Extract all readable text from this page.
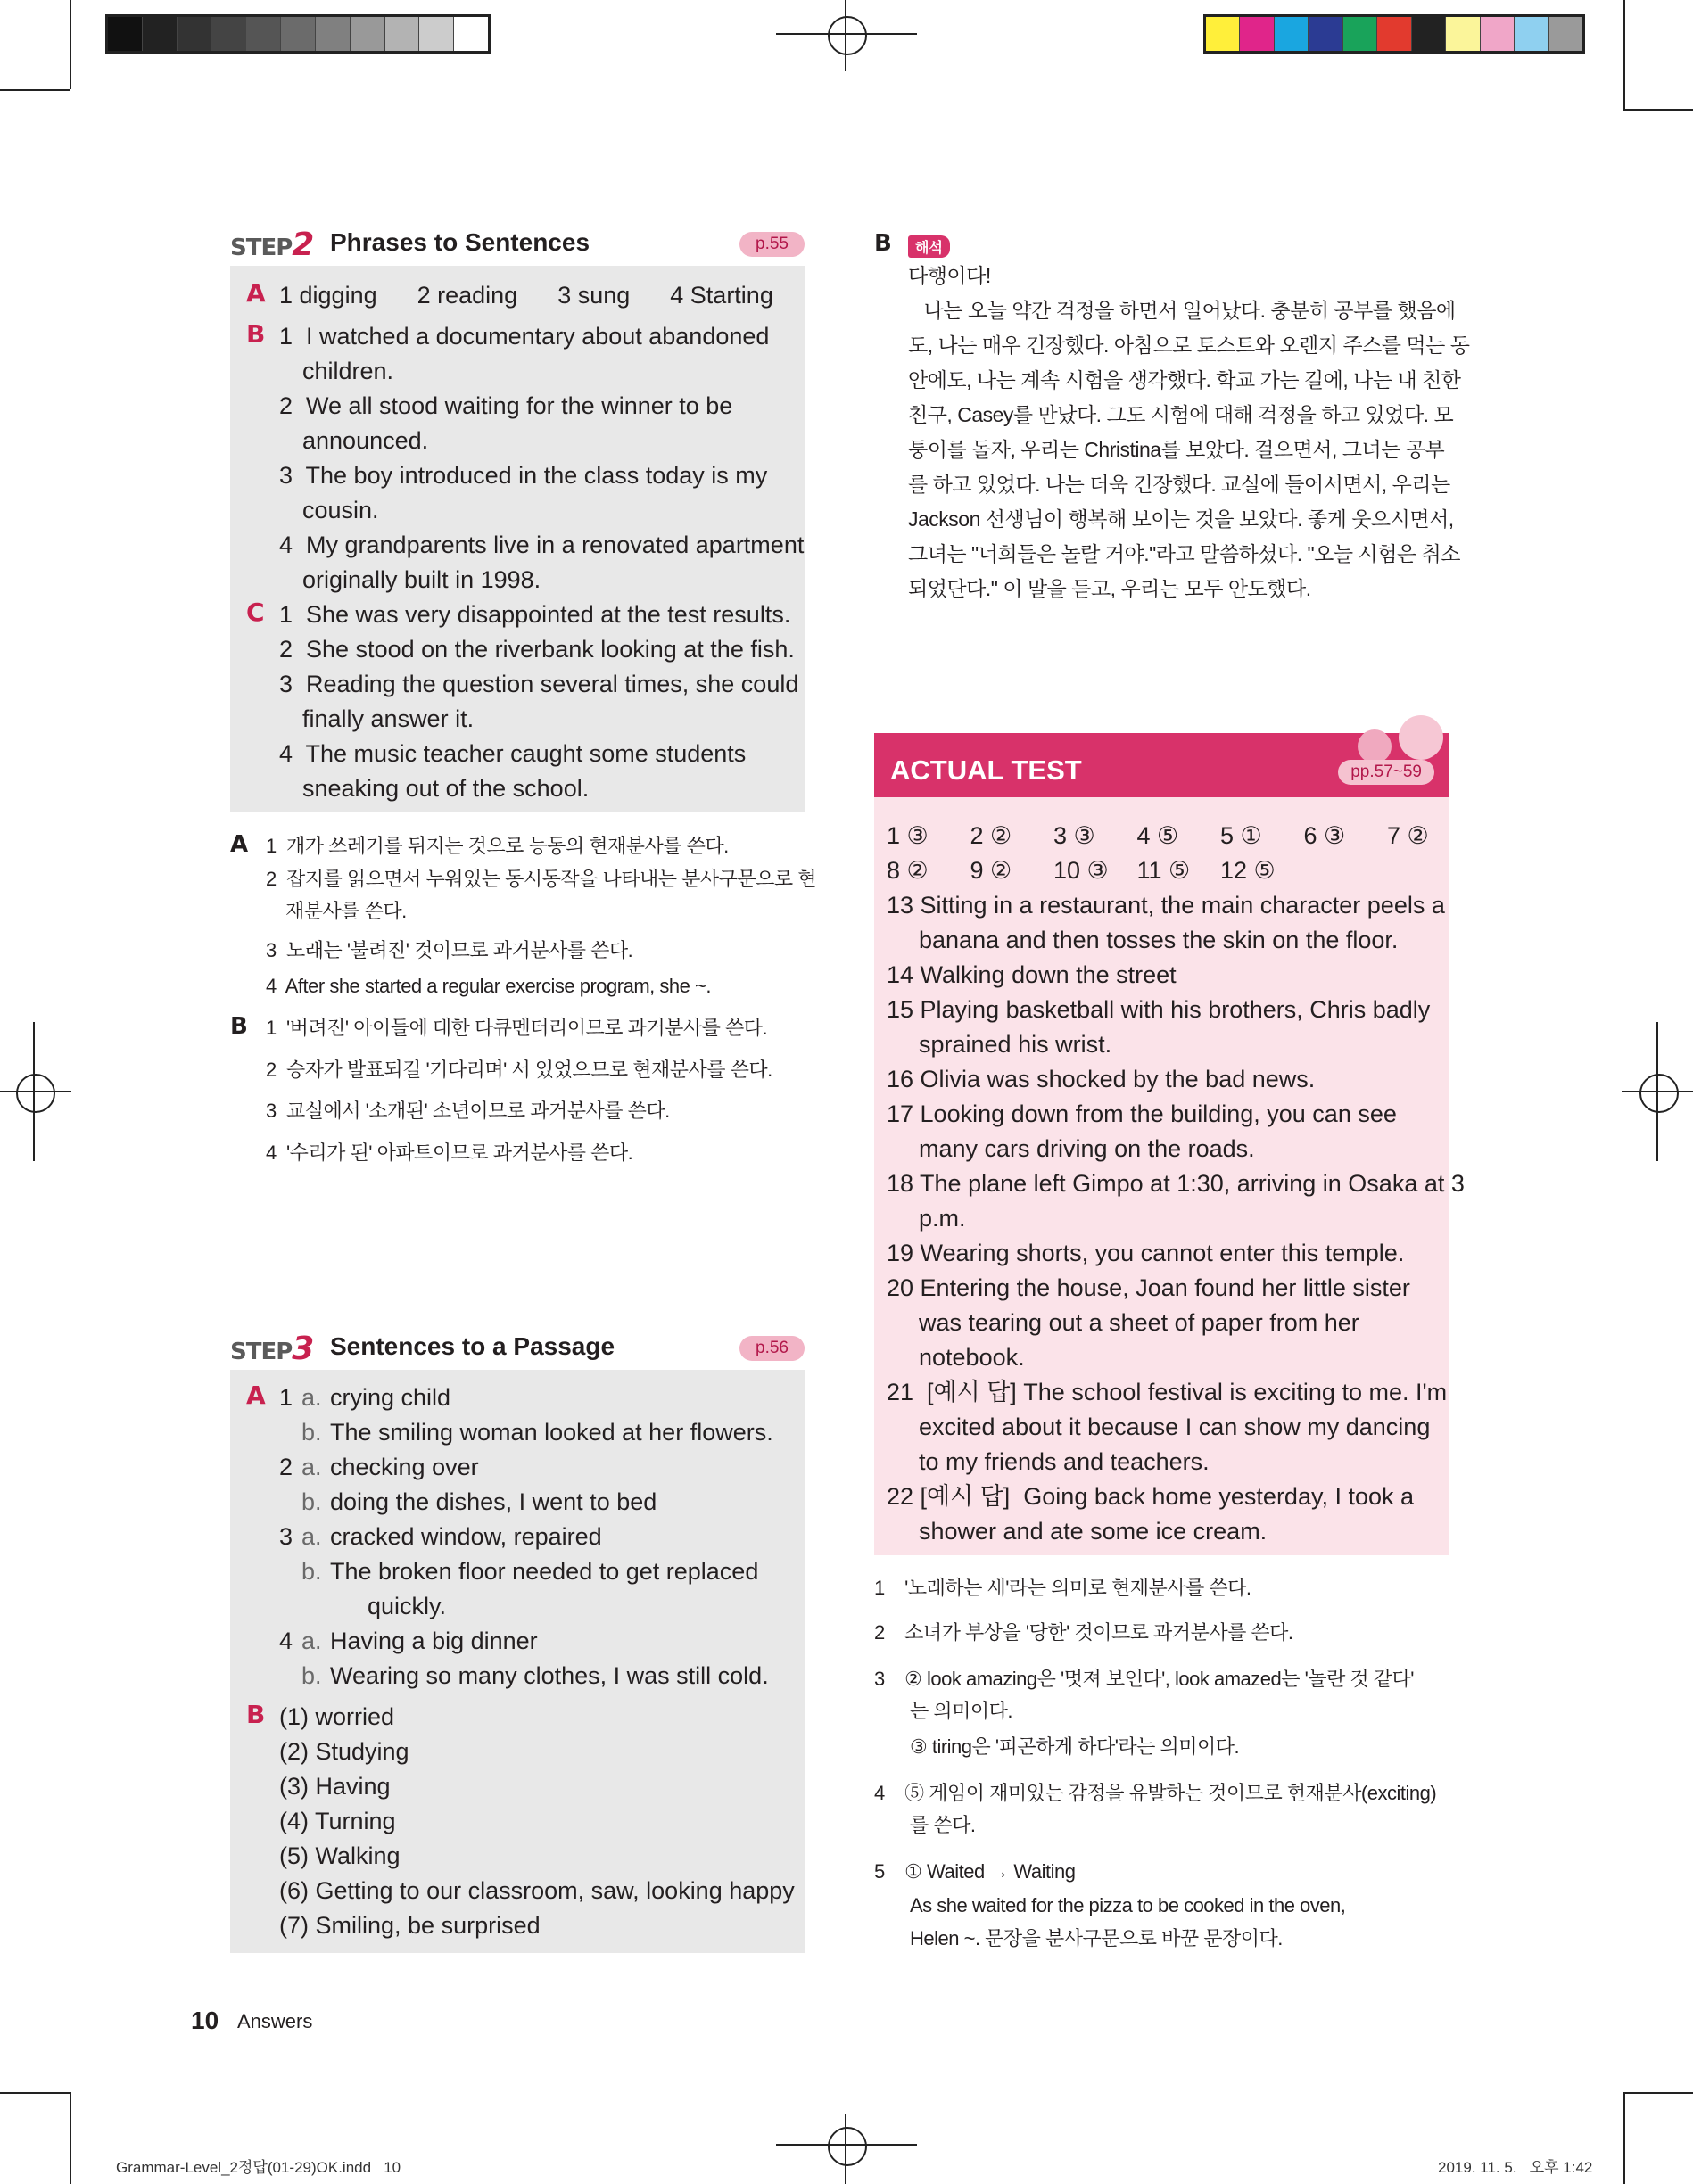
STEP2 Phrases to Sentences	p.55
A 1 digging      2 reading      3 sung      4 Starting
B 1  I watched a documentary about abandoned
children.
2  We all stood waiting for the winner to be
announced.
3  The boy introduced in the class today is my
cousin.
4  My grandparents live in a renovated apartment
originally built in 1998.
C 1  She was very disappointed at the test results.
2  She stood on the riverbank looking at the fish.
3  Reading the question several times, she could
finally answer it.
4  The music teacher caught some students
sneaking out of the school.
A 1  개가 쓰레기를 뒤지는 것으로 능동의 현재분사를 쓴다.
2  잡지를 읽으면서 누워있는 동시동작을 나타내는 분사구문으로 현
재분사를 쓴다.
3  노래는 '불려진' 것이므로 과거분사를 쓴다.
4  After she started a regular exercise program, she ~.
B 1  '버려진' 아이들에 대한 다큐멘터리이므로 과거분사를 쓴다.
2  승자가 발표되길 '기다리며' 서 있었으므로 현재분사를 쓴다.
3  교실에서 '소개된' 소년이므로 과거분사를 쓴다.
4  '수리가 된' 아파트이므로 과거분사를 쓴다.
STEP3 Sentences to a Passage	p.56
A 1 a. crying child
b. The smiling woman looked at her flowers.
2 a. checking over
b. doing the dishes, I went to bed
3 a. cracked window, repaired
b. The broken floor needed to get replaced
quickly.
4 a. Having a big dinner
b. Wearing so many clothes, I was still cold.
B (1) worried
(2) Studying
(3) Having
(4) Turning
(5) Walking
(6) Getting to our classroom, saw, looking happy
(7) Smiling, be surprised
10 Answers
Grammar-Level_2정답(01-29)OK.indd   10	2019. 11. 5.   오후 1:42
B	해석
다행이다!
나는 오늘 약간 걱정을 하면서 일어났다. 충분히 공부를 했음에
도, 나는 매우 긴장했다. 아침으로 토스트와 오렌지 주스를 먹는 동
안에도, 나는 계속 시험을 생각했다. 학교 가는 길에, 나는 내 친한
친구, Casey를 만났다. 그도 시험에 대해 걱정을 하고 있었다. 모
퉁이를 돌자, 우리는 Christina를 보았다. 걸으면서, 그녀는 공부
를 하고 있었다. 나는 더욱 긴장했다. 교실에 들어서면서, 우리는
Jackson 선생님이 행복해 보이는 것을 보았다. 좋게 웃으시면서,
그녀는 "너희들은 놀랄 거야."라고 말씀하셨다. "오늘 시험은 취소
되었단다." 이 말을 듣고, 우리는 모두 안도했다.
ACTUAL TEST	pp.57~59
1 ③ 2 ② 3 ③ 4 ⑤ 5 ① 6 ③ 7 ②
8 ② 9 ② 10 ③ 11 ⑤ 12 ⑤
13 Sitting in a restaurant, the main character peels a
banana and then tosses the skin on the floor.
14 Walking down the street
15 Playing basketball with his brothers, Chris badly
sprained his wrist.
16 Olivia was shocked by the bad news.
17 Looking down from the building, you can see
many cars driving on the roads.
18 The plane left Gimpo at 1:30, arriving in Osaka at 3
p.m.
19 Wearing shorts, you cannot enter this temple.
20 Entering the house, Joan found her little sister
was tearing out a sheet of paper from her
notebook.
21  [예시 답] The school festival is exciting to me. I'm
excited about it because I can show my dancing
to my friends and teachers.
22 [예시 답]  Going back home yesterday, I took a
shower and ate some ice cream.
1    '노래하는 새'라는 의미로 현재분사를 쓴다.
2    소녀가 부상을 '당한' 것이므로 과거분사를 쓴다.
3    ② look amazing은 '멋져 보인다', look amazed는 '놀란 것 같다'
는 의미이다.
③ tiring은 '피곤하게 하다'라는 의미이다.
4    ⑤ 게임이 재미있는 감정을 유발하는 것이므로 현재분사(exciting)
를 쓴다.
5    ① Waited → Waiting
As she waited for the pizza to be cooked in the oven,
Helen ~. 문장을 분사구문으로 바꾼 문장이다.
